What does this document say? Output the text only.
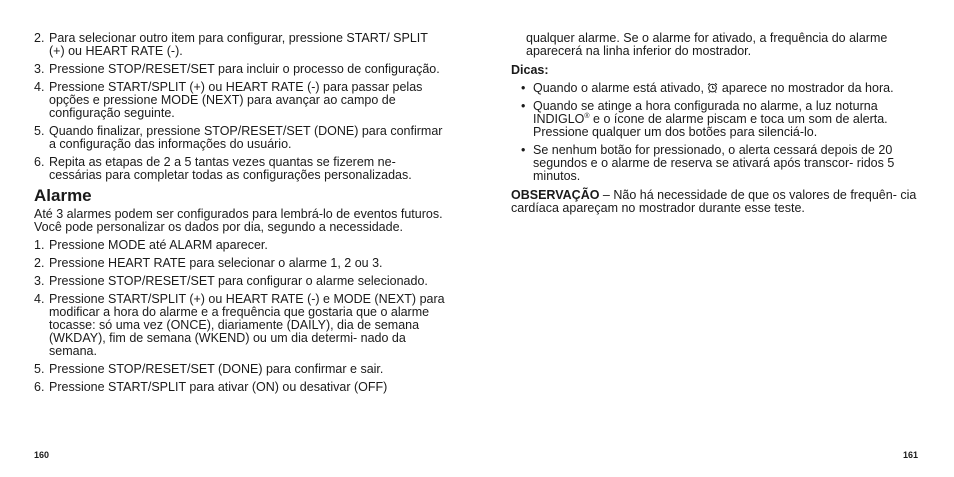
2. Para selecionar outro item para configurar, pressione START/ SPLIT (+) ou HEART RATE (-).
3. Pressione STOP/RESET/SET para incluir o processo de configuração.
4. Pressione START/SPLIT (+) ou HEART RATE (-) para passar pelas opções e pressione MODE (NEXT) para avançar ao campo de configuração seguinte.
5. Quando finalizar, pressione STOP/RESET/SET (DONE) para confirmar a configuração das informações do usuário.
6. Repita as etapas de 2 a 5 tantas vezes quantas se fizerem ne- cessárias para completar todas as configurações personalizadas.
Alarme
Até 3 alarmes podem ser configurados para lembrá-lo de eventos futuros. Você pode personalizar os dados por dia, segundo a necessidade.
1. Pressione MODE até ALARM aparecer.
2. Pressione HEART RATE para selecionar o alarme 1, 2 ou 3.
3. Pressione STOP/RESET/SET para configurar o alarme selecionado.
4. Pressione START/SPLIT (+) ou HEART RATE (-) e MODE (NEXT) para modificar a hora do alarme e a frequência que gostaria que o alarme tocasse: só uma vez (ONCE), diariamente (DAILY), dia de semana (WKDAY), fim de semana (WKEND) ou um dia determi- nado da semana.
5. Pressione STOP/RESET/SET (DONE) para confirmar e sair.
6. Pressione START/SPLIT para ativar (ON) ou desativar (OFF)
160
qualquer alarme. Se o alarme for ativado, a frequência do alarme aparecerá na linha inferior do mostrador.
Dicas:
• Quando o alarme está ativado, aparece no mostrador da hora.
• Quando se atinge a hora configurada no alarme, a luz noturna INDIGLO® e o ícone de alarme piscam e toca um som de alerta. Pressione qualquer um dos botões para silenciá-lo.
• Se nenhum botão for pressionado, o alerta cessará depois de 20 segundos e o alarme de reserva se ativará após transcor- ridos 5 minutos.
OBSERVAÇÃO – Não há necessidade de que os valores de frequên- cia cardíaca apareçam no mostrador durante esse teste.
161
